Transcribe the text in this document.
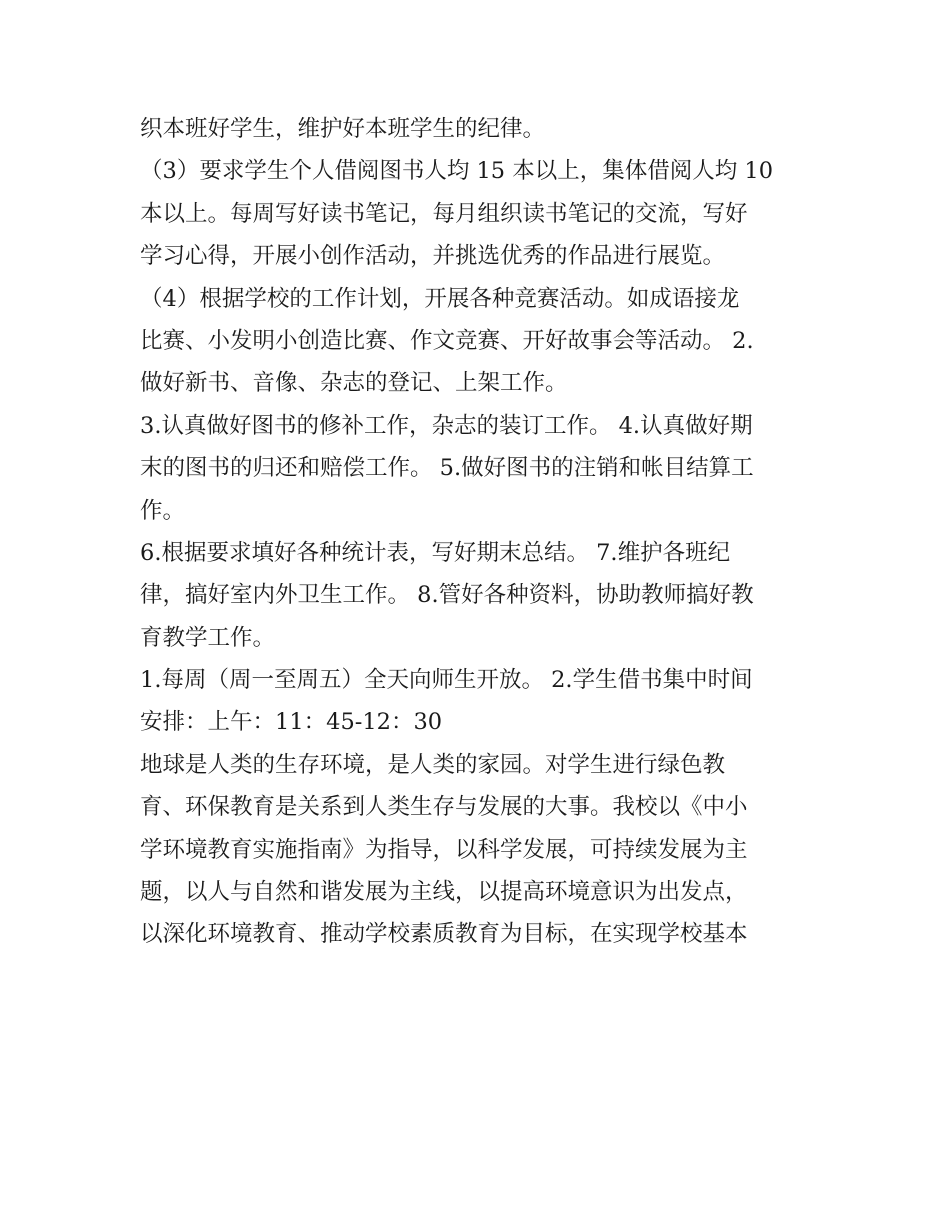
织本班好学生，维护好本班学生的纪律。
（3）要求学生个人借阅图书人均 15 本以上，集体借阅人均 10
本以上。每周写好读书笔记，每月组织读书笔记的交流，写好
学习心得，开展小创作活动，并挑选优秀的作品进行展览。
（4）根据学校的工作计划，开展各种竞赛活动。如成语接龙
比赛、小发明小创造比赛、作文竞赛、开好故事会等活动。 2.
做好新书、音像、杂志的登记、上架工作。
3.认真做好图书的修补工作，杂志的装订工作。 4.认真做好期
末的图书的归还和赔偿工作。 5.做好图书的注销和帐目结算工
作。
6.根据要求填好各种统计表，写好期末总结。 7.维护各班纪
律，搞好室内外卫生工作。 8.管好各种资料，协助教师搞好教
育教学工作。
1.每周（周一至周五）全天向师生开放。 2.学生借书集中时间
安排：上午：11：45-12：30
地球是人类的生存环境，是人类的家园。对学生进行绿色教
育、环保教育是关系到人类生存与发展的大事。我校以《中小
学环境教育实施指南》为指导，以科学发展，可持续发展为主
题，以人与自然和谐发展为主线，以提高环境意识为出发点，
以深化环境教育、推动学校素质教育为目标，在实现学校基本
